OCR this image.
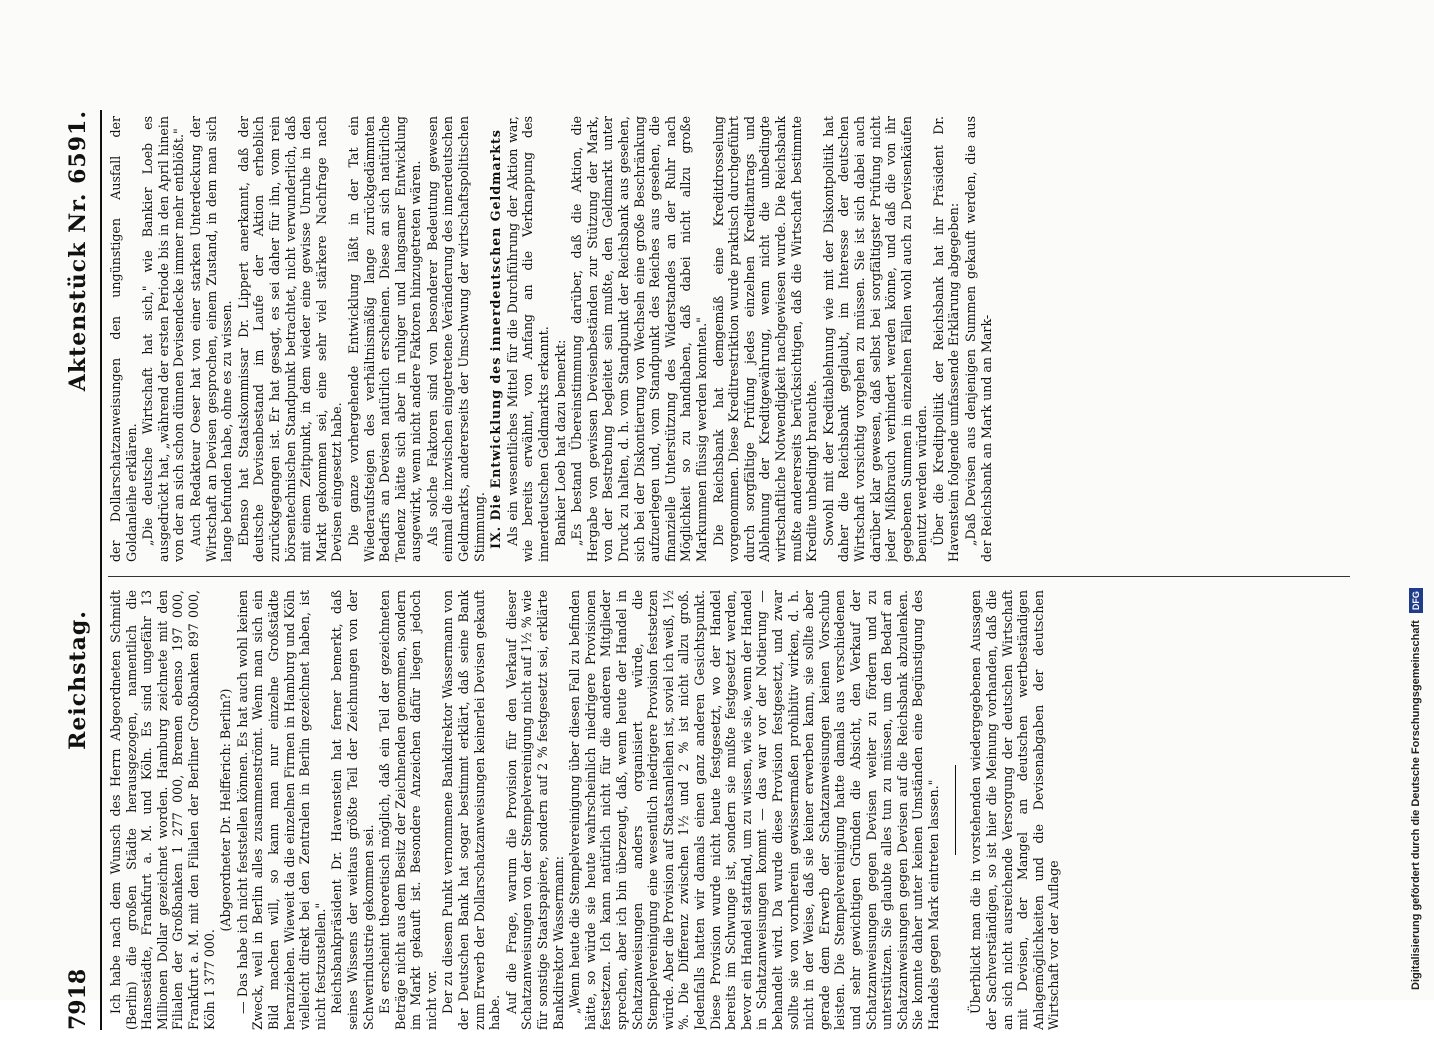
7918
Reichstag.
Aktenstück Nr. 6591.

Ich habe nach dem Wunsch des Herrn Abgeordneten Schmidt (Berlin) die großen Städte herausgezogen, namentlich die Hansestädte, Frankfurt a. M. und Köln. Es sind ungefähr 13 Millionen Dollar gezeichnet worden. Hamburg zeichnete mit den Filialen der Großbanken 1 277 000, Bremen ebenso 197 000, Frankfurt a. M. mit den Filialen der Berliner Großbanken 897 000, Köln 1 377 000.

(Abgeordneter Dr. Helfferich: Berlin?) — Das habe ich nicht feststellen können. Es hat auch wohl keinen Zweck, weil in Berlin alles zusammenströmt. Wenn man sich ein Bild machen will, so kann man nur einzelne Großstädte heranziehen. Wieweit da die einzelnen Firmen in Hamburg und Köln vielleicht direkt bei den Zentralen in Berlin gezeichnet haben, ist nicht festzustellen." Reichsbankpräsident Dr. Havenstein hat ferner bemerkt, daß seines Wissens der weitaus größte Teil der Zeichnungen von der Schwerindustrie gekommen sei. Es erscheint theoretisch möglich, daß ein Teil der gezeichneten Beträge nicht aus dem Besitz der Zeichnenden genommen, sondern im Markt gekauft ist. Besondere Anzeichen dafür liegen jedoch nicht vor. Der zu diesem Punkt vernommene Bankdirektor Wassermann von der Deutschen Bank hat sogar bestimmt erklärt, daß seine Bank zum Erwerb der Dollarschatzanweisungen keinerlei Devisen gekauft habe. Auf die Frage, warum die Provision für den Verkauf dieser Schatzanweisungen von der Stempelvereinigung nicht auf 1½ % wie für sonstige Staatspapiere, sondern auf 2 % festgesetzt sei, erklärte Bankdirektor Wassermann: „Wenn heute die Stempelvereinigung über diesen Fall zu befinden hätte, so würde sie heute wahrscheinlich niedrigere Provisionen festsetzen. Ich kann natürlich nicht für die anderen Mitglieder sprechen, aber ich bin überzeugt, daß, wenn heute der Handel in Schatzanweisungen anders organisiert würde, die Stempelvereinigung eine wesentlich niedrigere Provision festsetzen würde. Aber die Provision auf Staatsanleihen ist, soviel ich weiß, 1½ %. Die Differenz zwischen 1½ und 2 % ist nicht allzu groß. Jedenfalls hatten wir damals einen ganz anderen Gesichtspunkt. Diese Provision wurde nicht heute festgesetzt, wo der Handel bereits im Schwunge ist, sondern sie mußte festgesetzt werden, bevor ein Handel stattfand, um zu wissen, wie sie, wenn der Handel in Schatzanweisungen kommt — das war vor der Notierung — behandelt wird. Da wurde diese Provision festgesetzt, und zwar sollte sie von vornherein gewissermaßen prohibitiv wirken, d. h. nicht in der Weise, daß sie keiner erwerben kann, sie sollte aber gerade dem Erwerb der Schatzanweisungen keinen Vorschub leisten. Die Stempelvereinigung hatte damals aus verschiedenen und sehr gewichtigen Gründen die Absicht, den Verkauf der Schatzanweisungen gegen Devisen weiter zu fördern und zu unterstützen. Sie glaubte alles tun zu müssen, um den Bedarf an Schatzanweisungen gegen Devisen auf die Reichsbank abzulenken. Sie konnte daher unter keinen Umständen eine Begünstigung des Handels gegen Mark eintreten lassen." Überblickt man die in vorstehenden wiedergegebenen Aussagen der Sachverständigen, so ist hier die Meinung vorhanden, daß die an sich nicht ausreichende Versorgung der deutschen Wirtschaft mit Devisen, der Mangel an deutschen wertbeständigen Anlagemöglichkeiten und die Devisenabgaben der deutschen Wirtschaft vor der Auflage

der Dollarschatzanweisungen den ungünstigen Ausfall der Goldanleihe erklären. „Die deutsche Wirtschaft hat sich," wie Bankier Loeb es ausgedrückt hat, „während der ersten Periode bis in den April hinein von der an sich schon dünnen Devisendecke immer mehr entblößt." Auch Redakteur Oeser hat von einer starken Unterdeckung der Wirtschaft an Devisen gesprochen, einem Zustand, in dem man sich lange befunden habe, ohne es zu wissen. Ebenso hat Staatskommissar Dr. Lippert anerkannt, daß der deutsche Devisenbestand im Laufe der Aktion erheblich zurückgegangen ist. Er hat gesagt, es sei daher für ihn, vom rein börsentechnischen Standpunkt betrachtet, nicht verwunderlich, daß mit einem Zeitpunkt, in dem wieder eine gewisse Unruhe in den Markt gekommen sei, eine sehr viel stärkere Nachfrage nach Devisen eingesetzt habe. Die ganze vorhergehende Entwicklung läßt in der Tat ein Wiederaufsteigen des verhältnismäßig lange zurückgedämmten Bedarfs an Devisen natürlich erscheinen. Diese an sich natürliche Tendenz hätte sich aber in ruhiger und langsamer Entwicklung ausgewirkt, wenn nicht andere Faktoren hinzugetreten wären. Als solche Faktoren sind von besonderer Bedeutung gewesen einmal die inzwischen eingetretene Veränderung des innerdeutschen Geldmarkts, andererseits der Umschwung der wirtschaftspolitischen Stimmung. IX. Die Entwicklung des innerdeutschen Geldmarkts Als ein wesentliches Mittel für die Durchführung der Aktion war, wie bereits erwähnt, von Anfang an die Verknappung des innerdeutschen Geldmarkts erkannt. Bankier Loeb hat dazu bemerkt: „Es bestand Übereinstimmung darüber, daß die Aktion, die Hergabe von gewissen Devisenbeständen zur Stützung der Mark, von der Bestrebung begleitet sein mußte, den Geldmarkt unter Druck zu halten, d. h. vom Standpunkt der Reichsbank aus gesehen, sich bei der Diskontierung von Wechseln eine große Beschränkung aufzuerlegen und, vom Standpunkt des Reiches aus gesehen, die finanzielle Unterstützung des Widerstandes an der Ruhr nach Möglichkeit so zu handhaben, daß dabei nicht allzu große Markummen flüssig werden konnten." Die Reichsbank hat demgemäß eine Kreditdrosselung vorgenommen. Diese Kreditrestriktion wurde praktisch durchgeführt durch sorgfältige Prüfung jedes einzelnen Kreditantrags und Ablehnung der Kreditgewährung, wenn nicht die unbedingte wirtschaftliche Notwendigkeit nachgewiesen wurde. Die Reichsbank mußte andererseits berücksichtigen, daß die Wirtschaft bestimmte Kredite unbedingt brauchte. Sowohl mit der Kreditablehnung wie mit der Diskontpolitik hat daher die Reichsbank geglaubt, im Interesse der deutschen Wirtschaft vorsichtig vorgehen zu müssen. Sie ist sich dabei auch darüber klar gewesen, daß selbst bei sorgfältigster Prüfung nicht jeder Mißbrauch verhindert werden könne, und daß die von ihr gegebenen Summen in einzelnen Fällen wohl auch zu Devisenkäufen benutzt werden würden. Über die Kreditpolitik der Reichsbank hat ihr Präsident Dr. Havenstein folgende umfassende Erklärung abgegeben: „Daß Devisen aus denjenigen Summen gekauft werden, die aus der Reichsbank an Mark und an Mark-

Digitalisierung gefördert durch die Deutsche Forschungsgemeinschaft DFG
